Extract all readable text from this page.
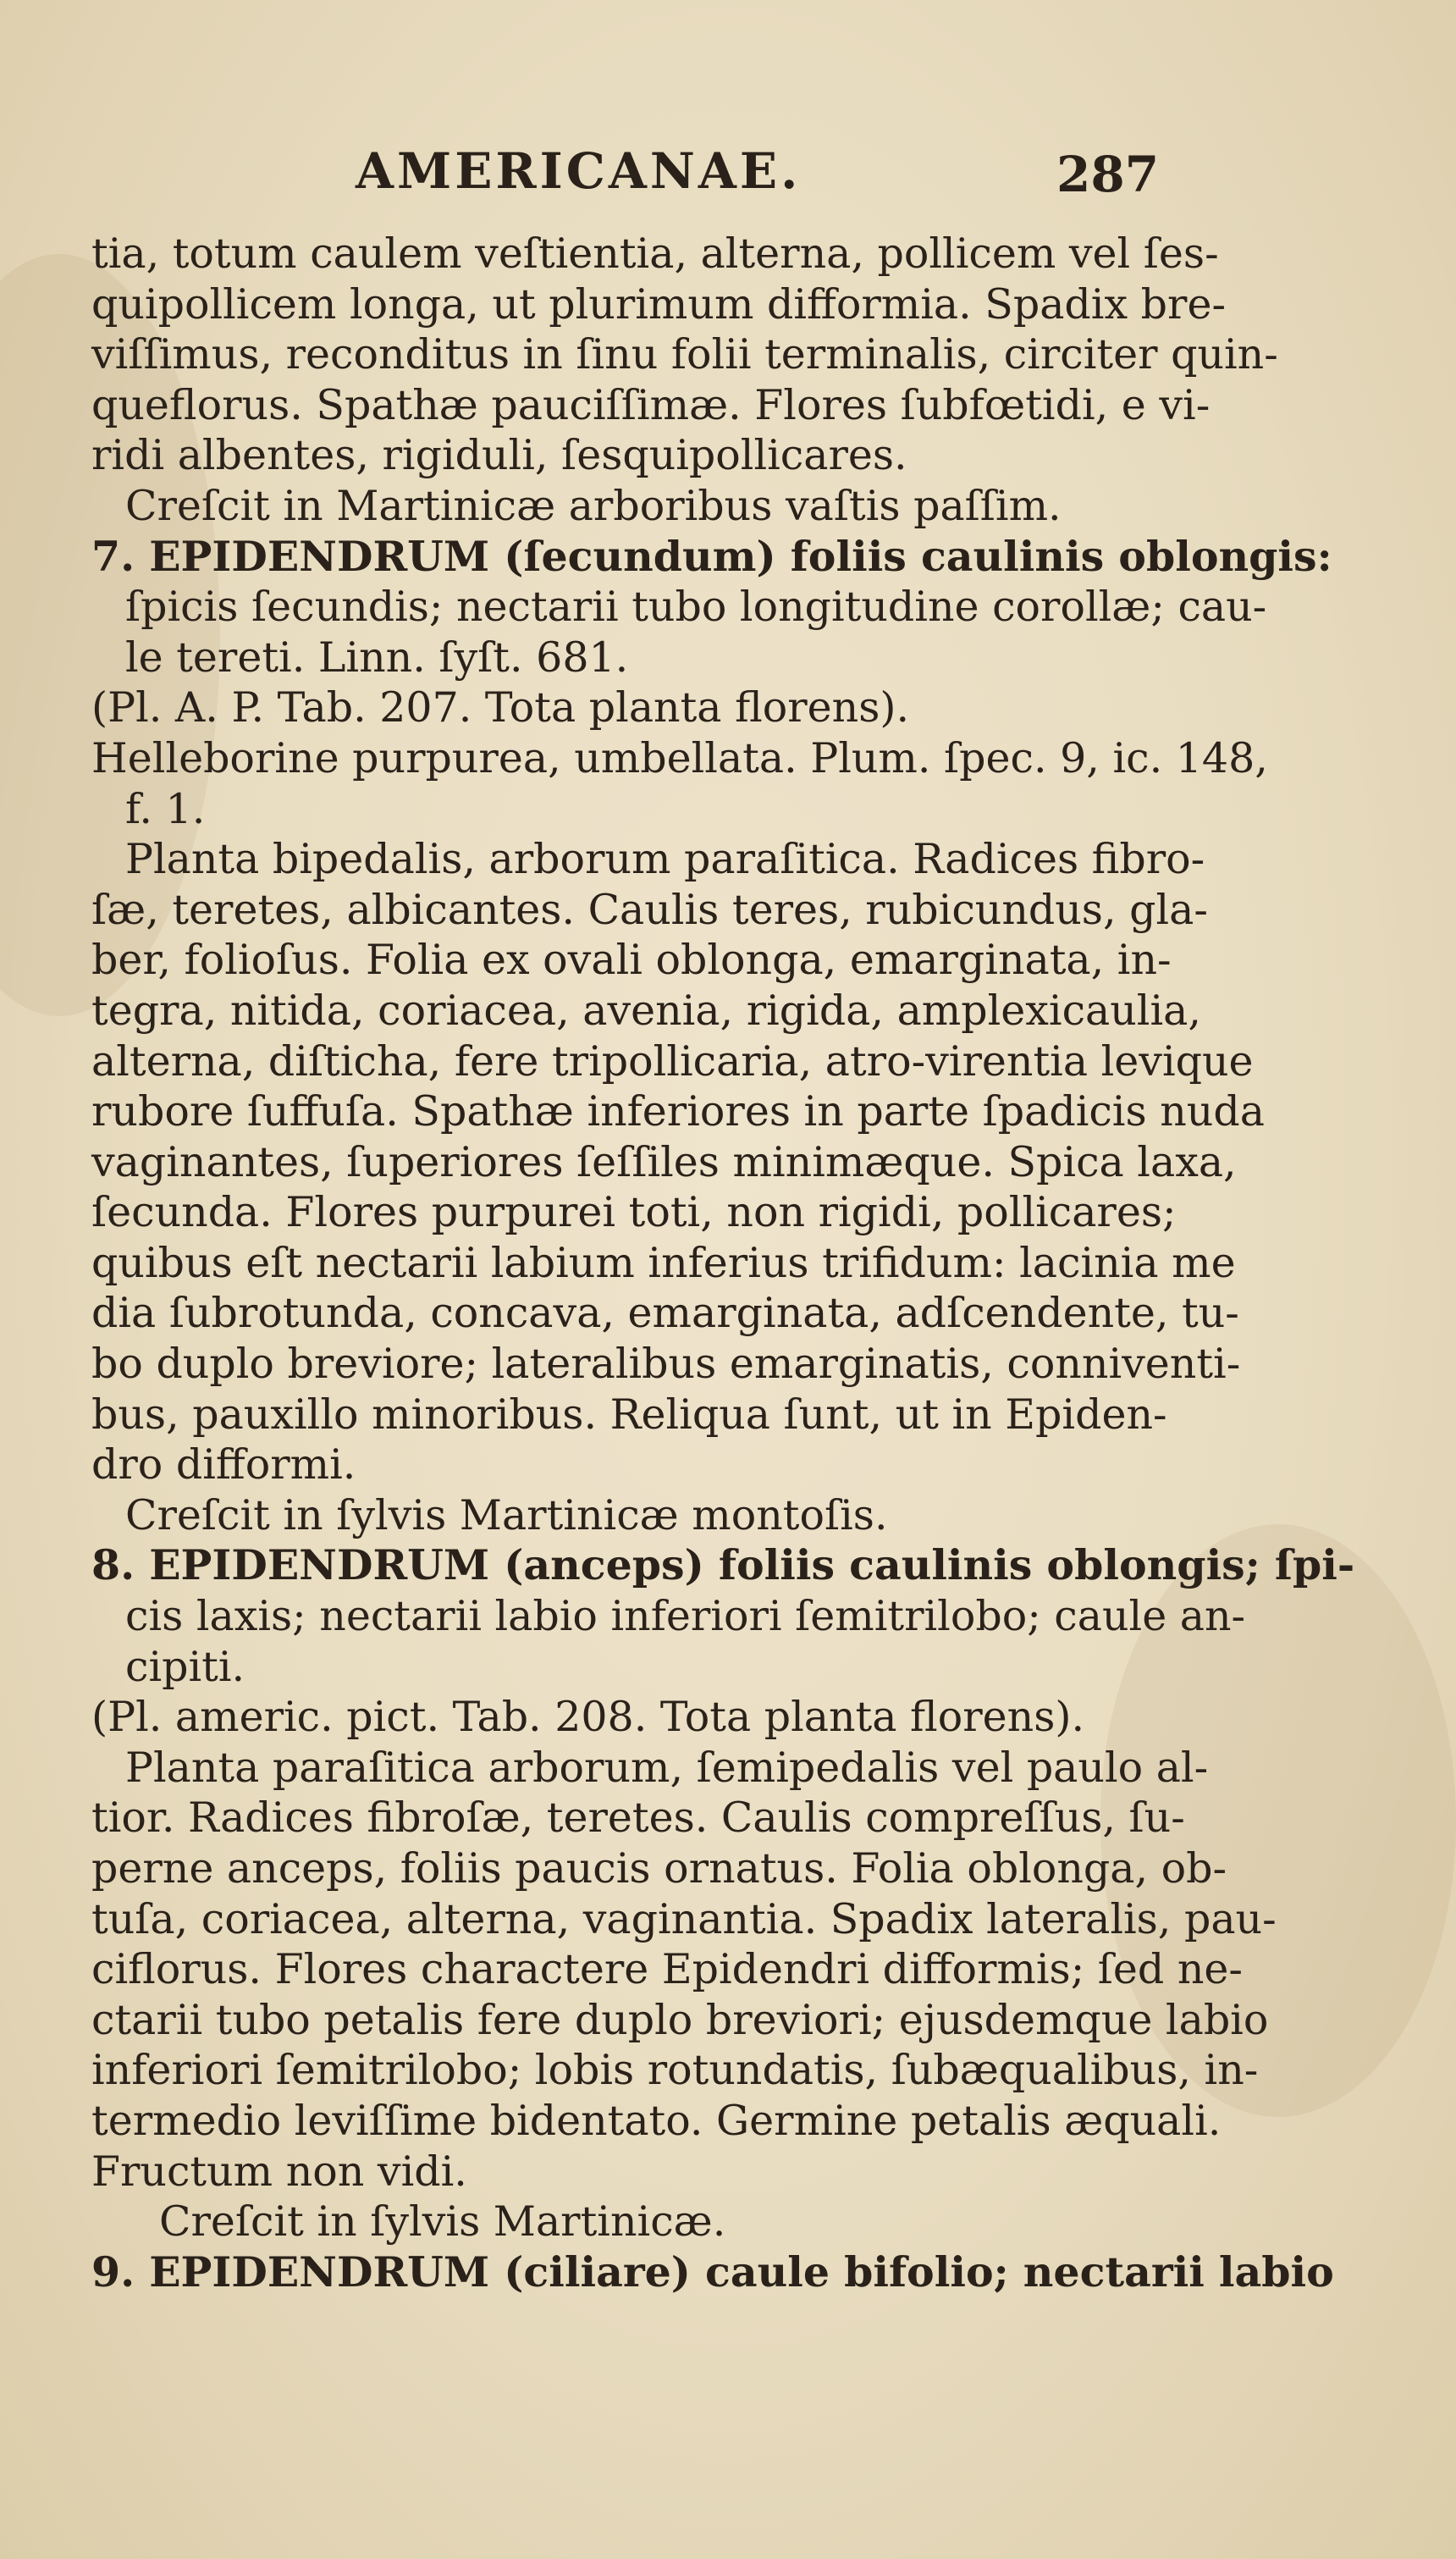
AMERICANAE.	287
tia, totum caulem veſtientia, alterna, pollicem vel ſes-
quipollicem longa, ut plurimum difformia. Spadix bre-
viſſimus, reconditus in ſinu folii terminalis, circiter quin-
queflorus. Spathæ pauciſſimæ. Flores ſubfœtidi, e vi-
ridi albentes, rigiduli, ſesquipollicares.
Creſcit in Martinicæ arboribus vaſtis paſſim.
7. EPIDENDRUM (ſecundum) foliis caulinis oblongis:
ſpicis ſecundis; nectarii tubo longitudine corollæ; cau-
le tereti. Linn. ſyſt. 681.
(Pl. A. P. Tab. 207. Tota planta florens).
Helleborine purpurea, umbellata. Plum. ſpec. 9, ic. 148,
f. 1.
Planta bipedalis, arborum paraſitica. Radices fibro-
ſæ, teretes, albicantes. Caulis teres, rubicundus, gla-
ber, folioſus. Folia ex ovali oblonga, emarginata, in-
tegra, nitida, coriacea, avenia, rigida, amplexicaulia,
alterna, diſticha, fere tripollicaria, atro-virentia levique
rubore ſuffuſa. Spathæ inferiores in parte ſpadicis nuda
vaginantes, ſuperiores ſeſſiles minimæque. Spica laxa,
ſecunda. Flores purpurei toti, non rigidi, pollicares;
quibus eſt nectarii labium inferius trifidum: lacinia me
dia ſubrotunda, concava, emarginata, adſcendente, tu-
bo duplo breviore; lateralibus emarginatis, conniventi-
bus, pauxillo minoribus. Reliqua ſunt, ut in Epiden-
dro difformi.
Creſcit in ſylvis Martinicæ montoſis.
8. EPIDENDRUM (anceps) foliis caulinis oblongis; ſpi-
cis laxis; nectarii labio inferiori ſemitrilobo; caule an-
cipiti.
(Pl. americ. pict. Tab. 208. Tota planta florens).
Planta paraſitica arborum, ſemipedalis vel paulo al-
tior. Radices fibroſæ, teretes. Caulis compreſſus, ſu-
perne anceps, foliis paucis ornatus. Folia oblonga, ob-
tuſa, coriacea, alterna, vaginantia. Spadix lateralis, pau-
ciflorus. Flores charactere Epidendri difformis; ſed ne-
ctarii tubo petalis fere duplo breviori; ejusdemque labio
inferiori ſemitrilobo; lobis rotundatis, ſubæqualibus, in-
termedio leviſſime bidentato. Germine petalis æquali.
Fructum non vidi.
Creſcit in ſylvis Martinicæ.
9. EPIDENDRUM (ciliare) caule bifolio; nectarii labio
